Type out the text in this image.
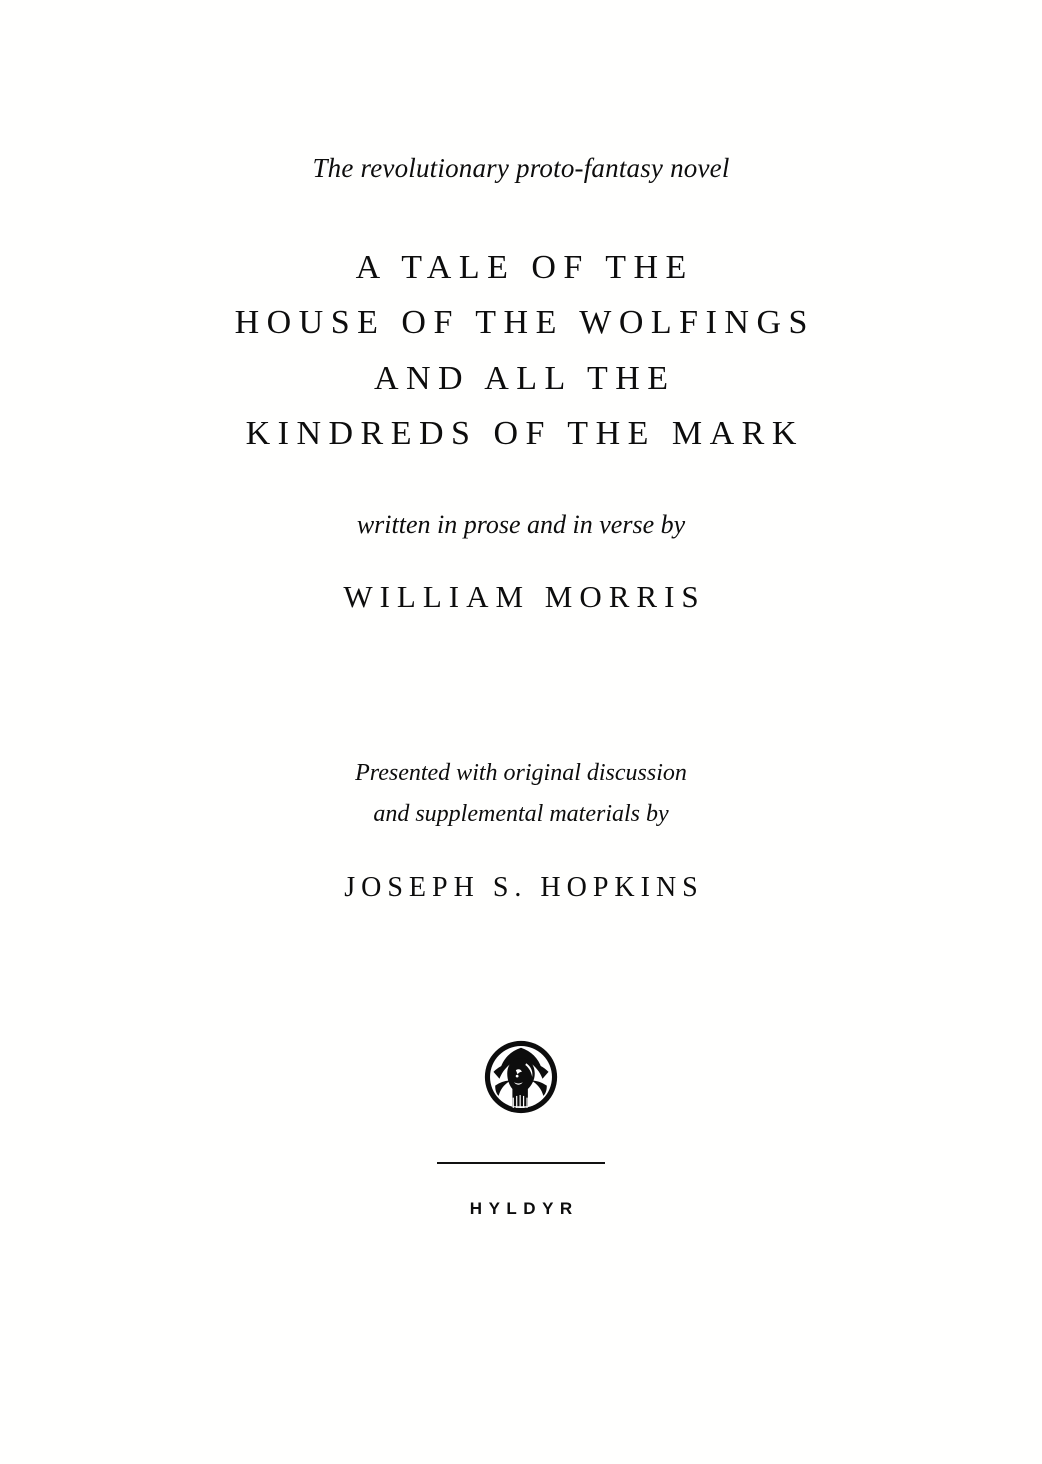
The revolutionary proto-fantasy novel
A TALE OF THE
HOUSE OF THE WOLFINGS
AND ALL THE
KINDREDS OF THE MARK
written in prose and in verse by
WILLIAM MORRIS
Presented with original discussion
and supplemental materials by
JOSEPH S. HOPKINS
HYLDYR
